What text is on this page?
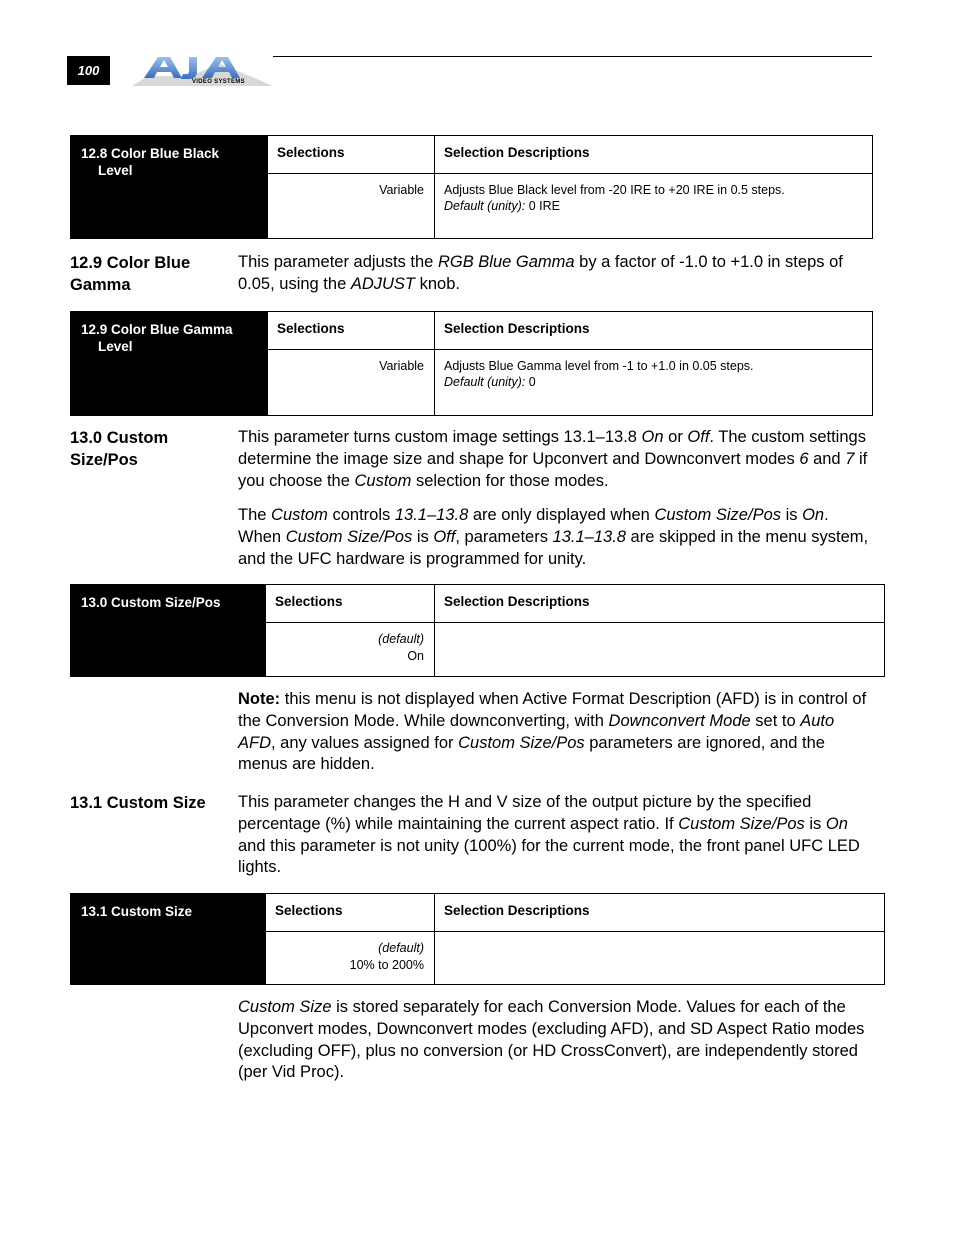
100
VIDEO SYSTEMS
12.8 Color Blue Black
Level	Selections	Selection Descriptions
	Variable	Adjusts Blue Black level from -20 IRE to +20 IRE in 0.5 steps.
Default (unity): 0 IRE
12.9 Color Blue
Gamma
This parameter adjusts the RGB Blue Gamma by a factor of -1.0 to +1.0 in steps of 0.05, using the ADJUST knob.
12.9 Color Blue Gamma
Level	Selections	Selection Descriptions
	Variable	Adjusts Blue Gamma level from -1 to +1.0 in 0.05 steps.
Default (unity): 0
13.0 Custom
Size/Pos
This parameter turns custom image settings 13.1–13.8 On or Off. The custom settings determine the image size and shape for Upconvert and Downconvert modes 6 and 7 if you choose the Custom selection for those modes.
The Custom controls 13.1–13.8 are only displayed when Custom Size/Pos is On. When Custom Size/Pos is Off, parameters 13.1–13.8 are skipped in the menu system, and the UFC hardware is programmed for unity.
13.0 Custom Size/Pos	Selections	Selection Descriptions

	(default)
On	

Note: this menu is not displayed when Active Format Description (AFD) is in control of the Conversion Mode. While downconverting, with Downconvert Mode set to Auto AFD, any values assigned for Custom Size/Pos parameters are ignored, and the menus are hidden.
13.1 Custom Size This parameter changes the H and V size of the output picture by the specified percentage (%) while maintaining the current aspect ratio. If Custom Size/Pos is On and this parameter is not unity (100%) for the current mode, the front panel UFC LED lights.
13.1 Custom Size	Selections	Selection Descriptions

	(default)
10% to 200%	

Custom Size is stored separately for each Conversion Mode. Values for each of the Upconvert modes, Downconvert modes (excluding AFD), and SD Aspect Ratio modes (excluding OFF), plus no conversion (or HD CrossConvert), are independently stored (per Vid Proc).
